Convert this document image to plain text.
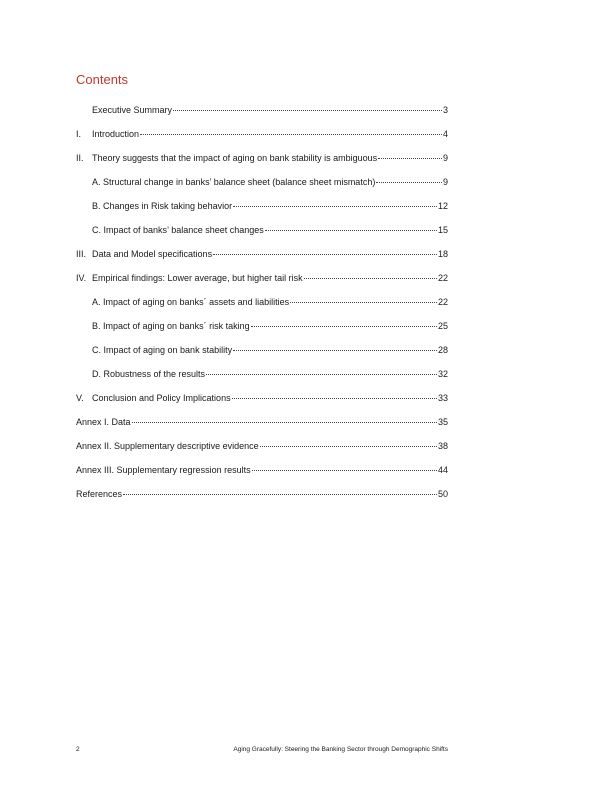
Contents
Executive Summary	3
I.	Introduction	4
II. Theory suggests that the impact of aging on bank stability is ambiguous	9
A. Structural change in banks’ balance sheet (balance sheet mismatch)	9
B. Changes in Risk taking behavior	12
C. Impact of banks’ balance sheet changes	15
III. Data and Model specifications	18
IV. Empirical findings: Lower average, but higher tail risk	22
A. Impact of aging on banks´ assets and liabilities	22
B. Impact of aging on banks´ risk taking	25
C. Impact of aging on bank stability	28
D. Robustness of the results	32
V. Conclusion and Policy Implications	33
Annex I. Data	35
Annex II. Supplementary descriptive evidence	38
Annex III. Supplementary regression results	44
References	50
2	Aging Gracefully: Steering the Banking Sector through Demographic Shifts
